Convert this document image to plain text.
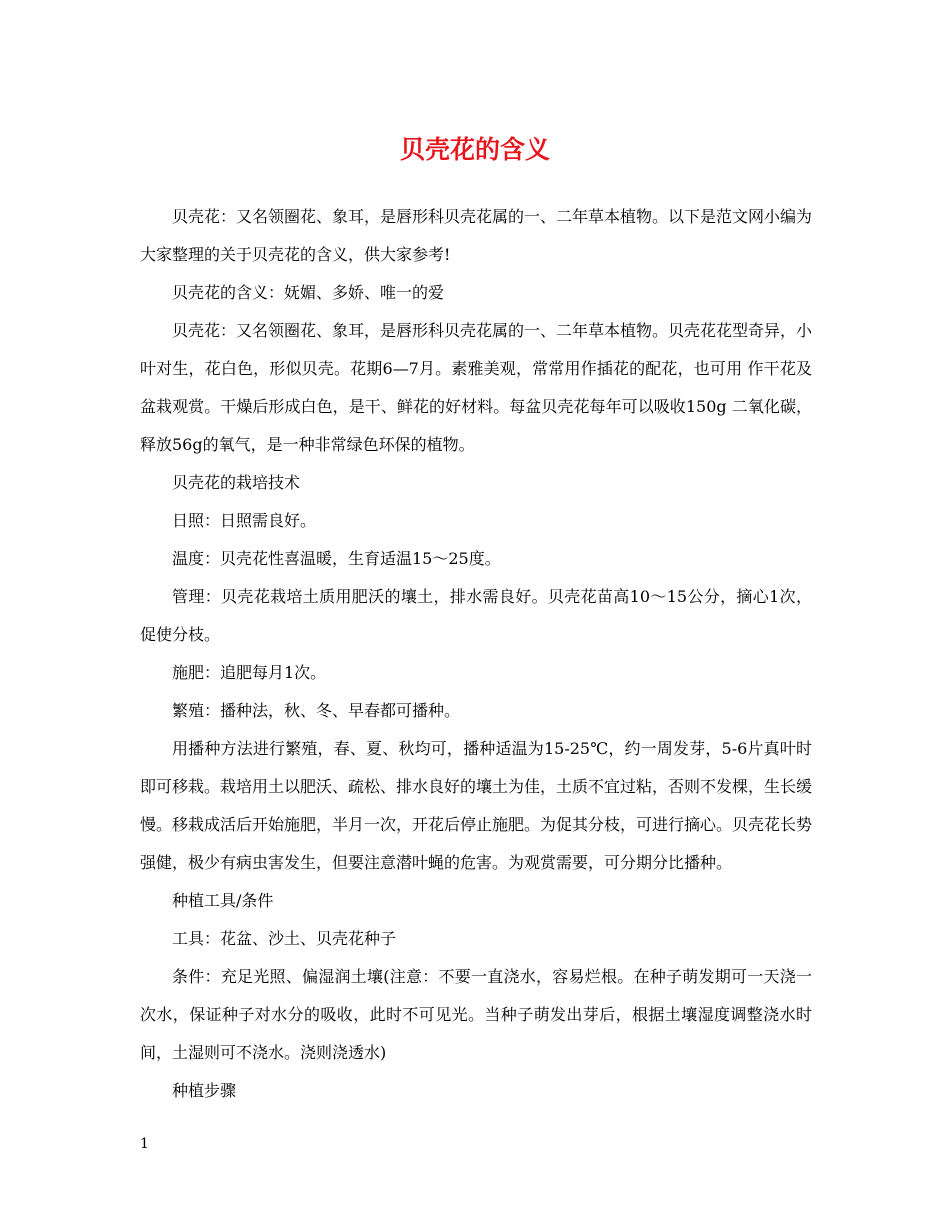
贝壳花的含义

贝壳花：又名领圈花、象耳，是唇形科贝壳花属的一、二年草本植物。以下是范文网小编为大家整理的关于贝壳花的含义，供大家参考!

贝壳花的含义：妩媚、多娇、唯一的爱

贝壳花：又名领圈花、象耳，是唇形科贝壳花属的一、二年草本植物。贝壳花花型奇异，小叶对生，花白色，形似贝壳。花期6—7月。素雅美观，常常用作插花的配花，也可用 作干花及盆栽观赏。干燥后形成白色，是干、鲜花的好材料。每盆贝壳花每年可以吸收150g 二氧化碳，释放56g的氧气，是一种非常绿色环保的植物。

贝壳花的栽培技术

日照：日照需良好。

温度：贝壳花性喜温暖，生育适温15～25度。

管理：贝壳花栽培土质用肥沃的壤土，排水需良好。贝壳花苗高10～15公分，摘心1次，促使分枝。

施肥：追肥每月1次。

繁殖：播种法，秋、冬、早春都可播种。

用播种方法进行繁殖，春、夏、秋均可，播种适温为15-25℃，约一周发芽，5-6片真叶时即可移栽。栽培用土以肥沃、疏松、排水良好的壤土为佳，土质不宜过粘，否则不发棵，生长缓慢。移栽成活后开始施肥，半月一次，开花后停止施肥。为促其分枝，可进行摘心。贝壳花长势强健，极少有病虫害发生，但要注意潜叶蝇的危害。为观赏需要，可分期分比播种。

种植工具/条件

工具：花盆、沙土、贝壳花种子

条件：充足光照、偏湿润土壤(注意：不要一直浇水，容易烂根。在种子萌发期可一天浇一次水，保证种子对水分的吸收，此时不可见光。当种子萌发出芽后，根据土壤湿度调整浇水时间，土湿则可不浇水。浇则浇透水)

种植步骤

1
